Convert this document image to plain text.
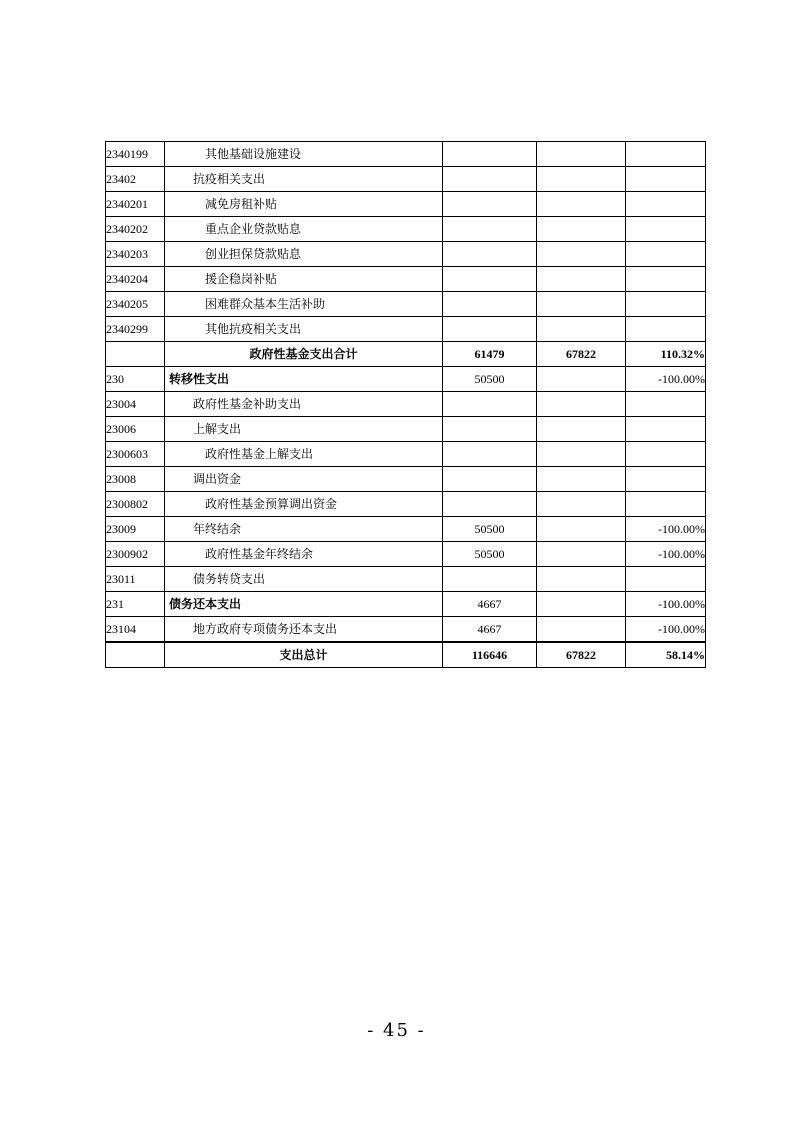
2340199	其他基础设施建设			
23402	抗疫相关支出			
2340201	减免房租补贴			
2340202	重点企业贷款贴息			
2340203	创业担保贷款贴息			
2340204	援企稳岗补贴			
2340205	困难群众基本生活补助			
2340299	其他抗疫相关支出			
	政府性基金支出合计	61479	67822	110.32%
230	转移性支出	50500		-100.00%
23004	政府性基金补助支出			
23006	上解支出			
2300603	政府性基金上解支出			
23008	调出资金			
2300802	政府性基金预算调出资金			
23009	年终结余	50500		-100.00%
2300902	政府性基金年终结余	50500		-100.00%
23011	债务转贷支出			
231	债务还本支出	4667		-100.00%
23104	地方政府专项债务还本支出	4667		-100.00%
	支出总计	116646	67822	58.14%
- 45 -
